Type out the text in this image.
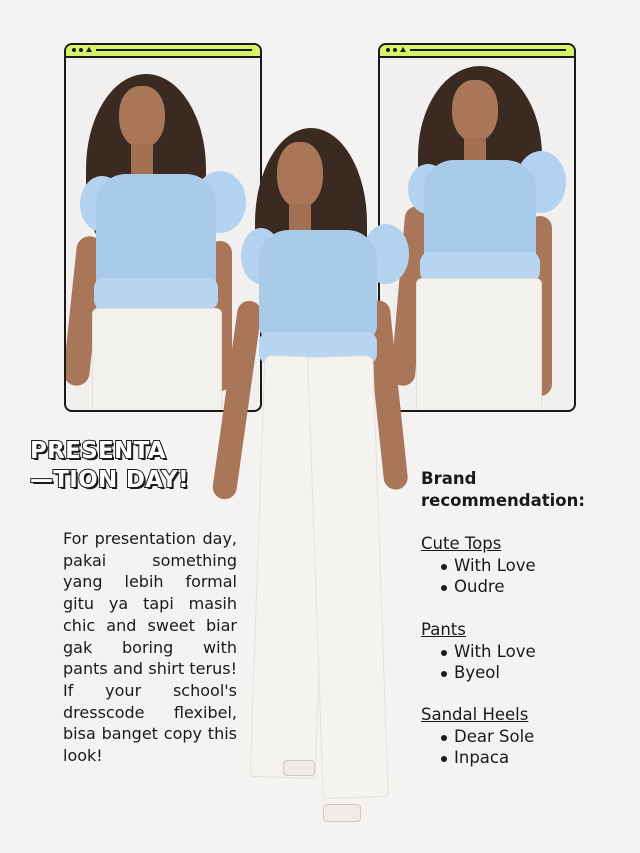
PRESENTA
—TION DAY!
For presentation day, pakai something yang lebih formal gitu ya tapi masih chic and sweet biar gak boring with pants and shirt terus! If your school's dresscode flexibel, bisa banget copy this look!
Brand recommendation:
Cute Tops
With Love
Oudre
Pants
With Love
Byeol
Sandal Heels
Dear Sole
Inpaca
